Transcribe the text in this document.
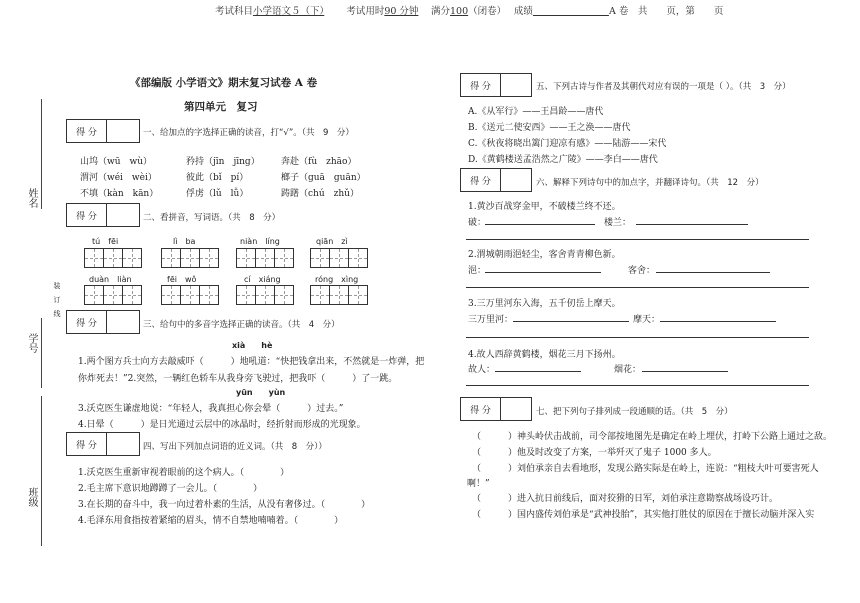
考试科目小学语文５（下）　　 考试用时90 分钟　 满分100（闭卷）　 成绩　　　　　　　　	A 卷　共　　页，第　　页
姓名
学号
班级
装　订　线
《部编版 小学语文》期末复习试卷 A 卷
第四单元　复习
得 分	一、给加点的字选择正确的读音，打“√”。（共　9　分）
山坞（wū　wù）	矜持（jīn　jīng） 奔赴（fù　zhāo）
渭河（wéi　wèi）	彼此（bǐ　pí）	榔子（guā　guān）
不填（kàn　kān）	俘虏（lǔ　lǚ）	踌躇（chú　zhǔ）
得 分	二、看拼音，写词语。（共　8　分）
tú　fēi	lì　ba	niàn　líng	qiān　zì
duàn　liàn	fēi　wǒ	cí　xiáng	róng　xìng
得 分	三、给句中的多音字选择正确的读音。（共　4　分）
xià　　hè
1.两个图方兵士向方去敲威吓（　　　）地吼道：“快把钱拿出来，不然就是一炸弹，把
你炸死去！”2.突然，一辆红色轿车从我身旁飞驶过，把我吓（　　　）了一跳。
yūn　　yùn
3.沃克医生谦虚地说：“年轻人，我真担心你会晕（　　　）过去。”
4.日晕（　　　）是日光通过云层中的冰晶时，经折射而形成的光现象。
得 分	四、写出下列加点词语的近义词。（共　8　分））
1.沃克医生重新审视着眼前的这个病人。（　　　　）
2.毛主席下意识地蹲蹲了一会儿。（　　　　）
3.在长期的奋斗中，我一向过着朴素的生活，从没有奢侈过。（　　　　）
4.毛泽东用食指按着紧缩的眉头，情不自禁地喃喃着。（　　　　）
得 分	五、下列古诗与作者及其朝代对应有误的一项是（ ）。（共　3　分）
A.《从军行》——王昌龄——唐代
B.《送元二使安西》——王之涣——唐代
C.《秋夜将晓出篱门迎凉有感》——陆游——宋代
D.《黄鹤楼送孟浩然之广陵》——李白——唐代
得 分	六、解释下列诗句中的加点字，并翻译诗句。（共　12　分）
1.黄沙百战穿金甲，不破楼兰终不还。
破：	楼兰：
2.渭城朝雨浥轻尘，客舍青青柳色新。
浥：	客舍：
3.三万里河东入海，五千仞岳上摩天。
三万里河：	摩天：
4.故人西辞黄鹤楼，烟花三月下扬州。
故人：	烟花：
得 分	七、把下列句子排列成一段通顺的话。（共　5　分）
（　　　）神头岭伏击战前，司令部按地图先是确定在岭上埋伏，打岭下公路上通过之敌。
（　　　）他及时改变了方案，一举歼灭了鬼子 1000 多人。
（　　　）刘伯承亲自去看地形，发现公路实际是在岭上，连说：“粗枝大叶可要害死人
啊！”
（　　　）进入抗日前线后，面对狡猾的日军，刘伯承注意勘察战场设巧计。
（　　　）国内盛传刘伯承是“武神投胎”，其实他打胜仗的原因在于擅长动脑并深入实
